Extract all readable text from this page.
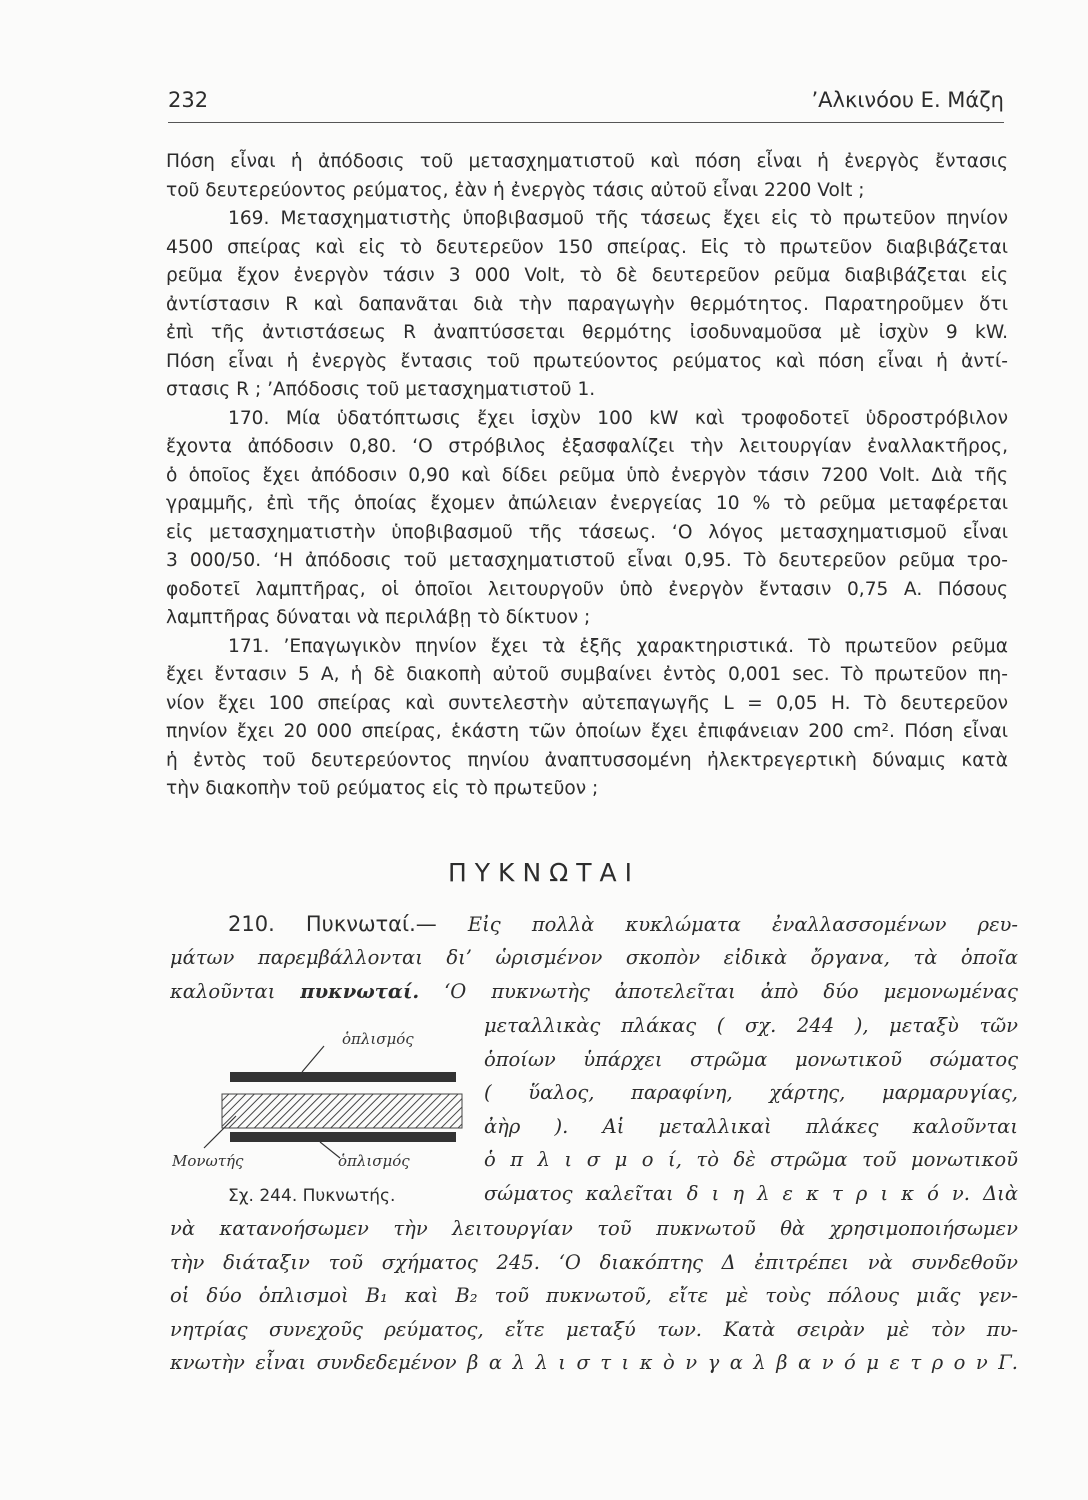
232	’Αλκινόου Ε. Μάζη
Πόση εἶναι ἡ ἀπόδοσις τοῦ μετασχηματιστοῦ καὶ πόση εἶναι ἡ ἐνεργὸς ἔντασις
τοῦ δευτερεύοντος ρεύματος, ἐὰν ἡ ἐνεργὸς τάσις αὐτοῦ εἶναι 2200 Volt ;
169. Μετασχηματιστὴς ὑποβιβασμοῦ τῆς τάσεως ἔχει εἰς τὸ πρωτεῦον πηνίον
4500 σπείρας καὶ εἰς τὸ δευτερεῦον 150 σπείρας. Εἰς τὸ πρωτεῦον διαβιβάζεται
ρεῦμα ἔχον ἐνεργὸν τάσιν 3 000 Volt, τὸ δὲ δευτερεῦον ρεῦμα διαβιβάζεται εἰς
ἀντίστασιν R καὶ δαπανᾶται διὰ τὴν παραγωγὴν θερμότητος. Παρατηροῦμεν ὅτι
ἐπὶ τῆς ἀντιστάσεως R ἀναπτύσσεται θερμότης ἰσοδυναμοῦσα μὲ ἰσχὺν 9 kW.
Πόση εἶναι ἡ ἐνεργὸς ἔντασις τοῦ πρωτεύοντος ρεύματος καὶ πόση εἶναι ἡ ἀντί-
στασις R ; ’Απόδοσις τοῦ μετασχηματιστοῦ 1.
170. Μία ὑδατόπτωσις ἔχει ἰσχὺν 100 kW καὶ τροφοδοτεῖ ὑδροστρόβιλον
ἔχοντα ἀπόδοσιν 0,80. ‘Ο στρόβιλος ἐξασφαλίζει τὴν λειτουργίαν ἐναλλακτῆρος,
ὁ ὁποῖος ἔχει ἀπόδοσιν 0,90 καὶ δίδει ρεῦμα ὑπὸ ἐνεργὸν τάσιν 7200 Volt. Διὰ τῆς
γραμμῆς, ἐπὶ τῆς ὁποίας ἔχομεν ἀπώλειαν ἐνεργείας 10 % τὸ ρεῦμα μεταφέρεται
εἰς μετασχηματιστὴν ὑποβιβασμοῦ τῆς τάσεως. ‘Ο λόγος μετασχηματισμοῦ εἶναι
3 000/50. ‘Η ἀπόδοσις τοῦ μετασχηματιστοῦ εἶναι 0,95. Τὸ δευτερεῦον ρεῦμα τρο-
φοδοτεῖ λαμπτῆρας, οἱ ὁποῖοι λειτουργοῦν ὑπὸ ἐνεργὸν ἔντασιν 0,75 A. Πόσους
λαμπτῆρας δύναται νὰ περιλάβῃ τὸ δίκτυον ;
171. ’Επαγωγικὸν πηνίον ἔχει τὰ ἑξῆς χαρακτηριστικά. Τὸ πρωτεῦον ρεῦμα
ἔχει ἔντασιν 5 A, ἡ δὲ διακοπὴ αὐτοῦ συμβαίνει ἐντὸς 0,001 sec. Τὸ πρωτεῦον πη-
νίον ἔχει 100 σπείρας καὶ συντελεστὴν αὐτεπαγωγῆς L = 0,05 H. Τὸ δευτερεῦον
πηνίον ἔχει 20 000 σπείρας, ἑκάστη τῶν ὁποίων ἔχει ἐπιφάνειαν 200 cm². Πόση εἶναι
ἡ ἐντὸς τοῦ δευτερεύοντος πηνίου ἀναπτυσσομένη ἠλεκτρεγερτικὴ δύναμις κατὰ
τὴν διακοπὴν τοῦ ρεύματος εἰς τὸ πρωτεῦον ;
ΠΥΚΝΩΤΑΙ
210. Πυκνωταί.— Εἰς πολλὰ κυκλώματα ἐναλλασσομένων ρευ-
μάτων παρεμβάλλονται δι’ ὡρισμένον σκοπὸν εἰδικὰ ὄργανα, τὰ ὁποῖα
καλοῦνται πυκνωταί. ‘Ο πυκνωτὴς ἀποτελεῖται ἀπὸ δύο μεμονωμένας
μεταλλικὰς πλάκας ( σχ. 244 ), μεταξὺ τῶν
ὁποίων ὑπάρχει στρῶμα μονωτικοῦ σώματος
( ὕαλος, παραφίνη, χάρτης, μαρμαρυγίας,
ἀὴρ ). Αἱ μεταλλικαὶ πλάκες καλοῦνται
ὁ π λ ι σ μ ο ί, τὸ δὲ στρῶμα τοῦ μονωτικοῦ
σώματος καλεῖται δ ι η λ ε κ τ ρ ι κ ό ν. Διὰ
νὰ κατανοήσωμεν τὴν λειτουργίαν τοῦ πυκνωτοῦ θὰ χρησιμοποιήσωμεν
τὴν διάταξιν τοῦ σχήματος 245. ‘Ο διακόπτης Δ ἐπιτρέπει νὰ συνδεθοῦν
οἱ δύο ὁπλισμοὶ B₁ καὶ B₂ τοῦ πυκνωτοῦ, εἴτε μὲ τοὺς πόλους μιᾶς γεν-
νητρίας συνεχοῦς ρεύματος, εἴτε μεταξύ των. Κατὰ σειρὰν μὲ τὸν πυ-
κνωτὴν εἶναι συνδεδεμένον β α λ λ ι σ τ ι κ ὸ ν γ α λ β α ν ό μ ε τ ρ ο ν Γ.
ὁπλισμός
Μονωτής	ὁπλισμός
Σχ. 244. Πυκνωτής.
